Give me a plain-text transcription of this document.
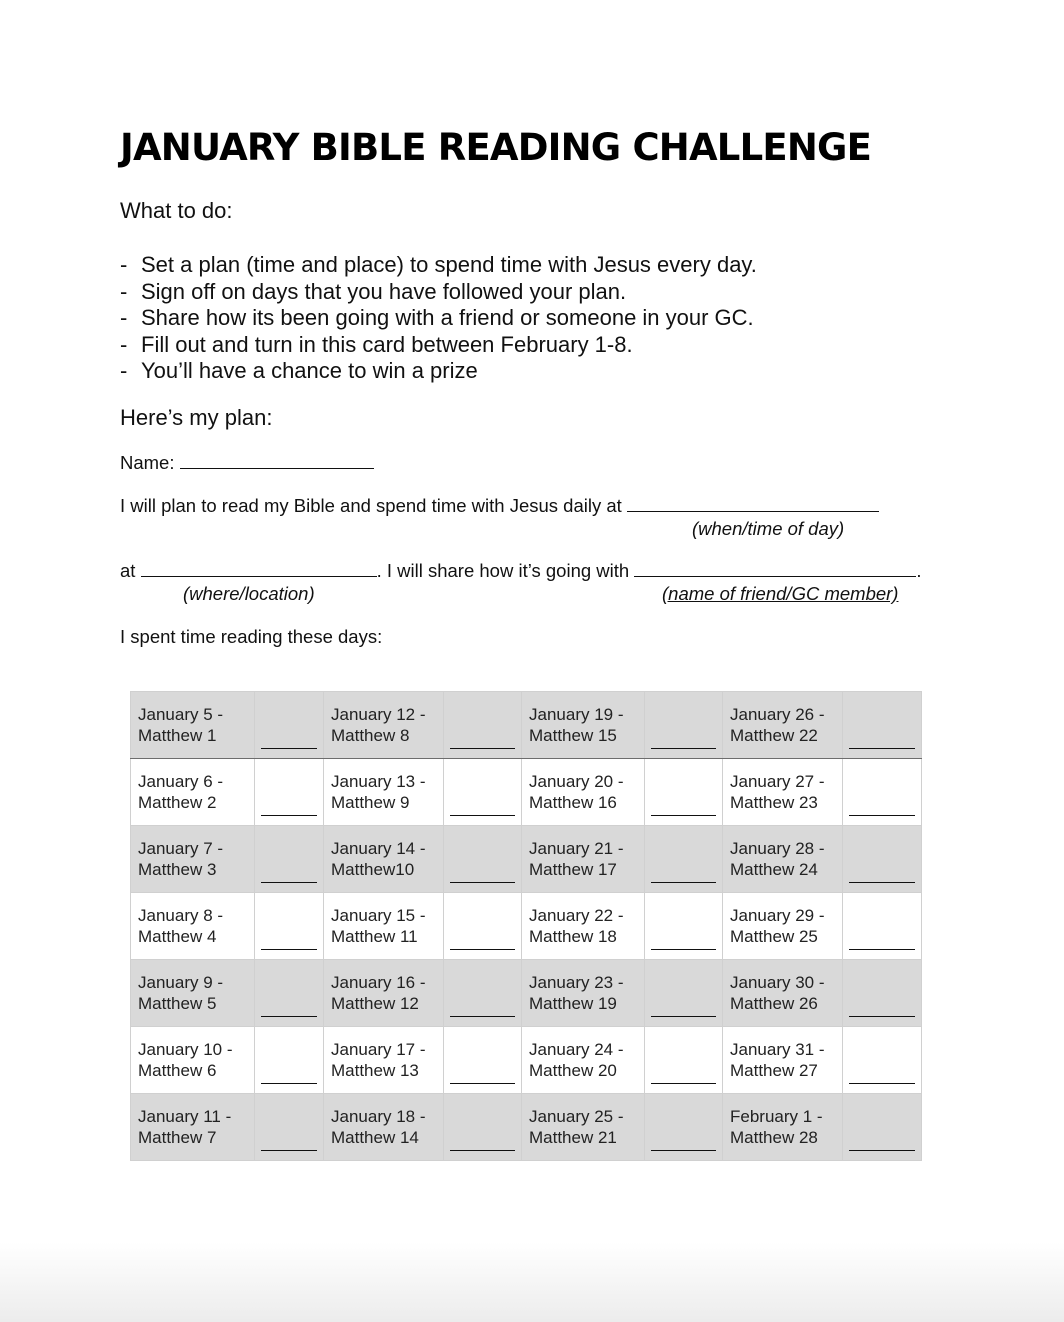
JANUARY BIBLE READING CHALLENGE
What to do:
- Set a plan (time and place) to spend time with Jesus every day.
- Sign off on days that you have followed your plan.
- Share how its been going with a friend or someone in your GC.
- Fill out and turn in this card between February 1-8.
- You’ll have a chance to win a prize
Here’s my plan:
Name:
I will plan to read my Bible and spend time with Jesus daily at
(when/time of day)
at	. I will share how it’s going with	.
(where/location)	(name of friend/GC member)
I spent time reading these days:
January 5 -
Matthew 1		January 12 -
Matthew 8		January 19 -
Matthew 15		January 26 -
Matthew 22	

January 6 -
Matthew 2		January 13 -
Matthew 9		January 20 -
Matthew 16		January 27 -
Matthew 23	

January 7 -
Matthew 3		January 14 -
Matthew10		January 21 -
Matthew 17		January 28 -
Matthew 24	

January 8 -
Matthew 4		January 15 -
Matthew 11		January 22 -
Matthew 18		January 29 -
Matthew 25	

January 9 -
Matthew 5		January 16 -
Matthew 12		January 23 -
Matthew 19		January 30 -
Matthew 26	

January 10 -
Matthew 6		January 17 -
Matthew 13		January 24 -
Matthew 20		January 31 -
Matthew 27	

January 11 -
Matthew 7		January 18 -
Matthew 14		January 25 -
Matthew 21		February 1 -
Matthew 28	
